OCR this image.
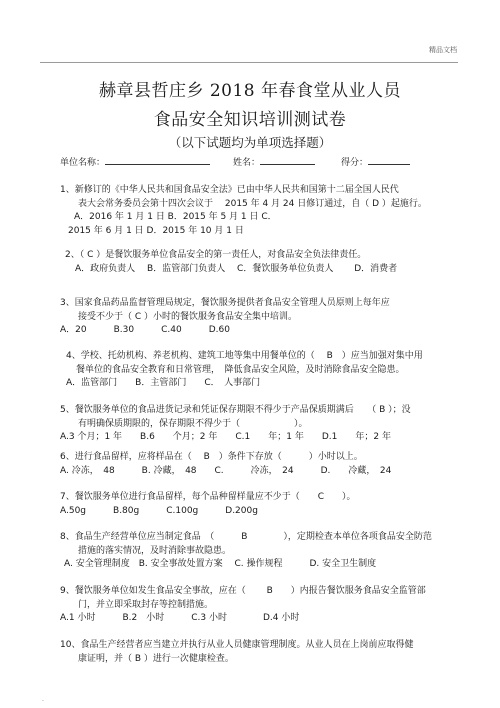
精品文档
赫章县哲庄乡 2018 年春食堂从业人员
食品安全知识培训测试卷
（以下试题均为单项选择题）
单位名称：	姓名：	得分：
1、新修订的《中华人民共和国食品安全法》已由中华人民共和国第十二届全国人民代
表大会常务委员会第十四次会议于　 2015 年 4 月 24 日修订通过，自（ D ）起施行。
A．2016 年 1 月 1 日 B．2015 年 5 月 1 日 C．
2015 年 6 月 1 日 D．2015 年 10 月 1 日
2、（ C ）是餐饮服务单位食品安全的第一责任人，对食品安全负法律责任。
A．政府负责人　 B．监管部门负责人　 C．餐饮服务单位负责人　　 D．消费者
3、国家食品药品监督管理局规定，餐饮服务提供者食品安全管理人员原则上每年应
接受不少于（ C ）小时的餐饮服务食品安全集中培训。
A．20　　　B.30　　　C.40　　　D.60
4、学校、托幼机构、养老机构、建筑工地等集中用餐单位的（　 B　）应当加强对集中用
餐单位的食品安全教育和日常管理，　降低食品安全风险，及时消除食品安全隐患。
A．监管部门　　B．主管部门　　C．　人事部门
5、餐饮服务单位的食品进货记录和凭证保存期限不得少于产品保质期满后　　（ B ）；没
有明确保质期限的，保存期限不得少于（　　　　　　）。
A.3 个月；1 年　　B.6　　个月；2 年　　C.1　　年；1 年　　D.1　　年；2 年
6、进行食品留样，应将样品在（　 B　）条件下存放（　　　）小时以上。
A. 冷冻，　48　　　B. 冷藏，　48　　C.　　　冷冻，　24　　　D.　　冷藏，　24
7、餐饮服务单位进行食品留样，每个品种留样量应不少于（　　C　　）。
A.50g　　　B.80g　　　C.100g　　　D.200g
8、食品生产经营单位应当制定食品　（　　　B　　　　），定期检查本单位各项食品安全防范
措施的落实情况，及时消除事故隐患。
A. 安全管理制度　B. 安全事故处置方案　 C. 操作规程　　　D. 安全卫生制度
9、餐饮服务单位如发生食品安全事故，应在（　　 B　　）内报告餐饮服务食品安全监管部
门，并立即采取封存等控制措施。
A.1 小时　　　B.2　小时　　　C.3 小时　　　　D.4 小时
10、食品生产经营者应当建立并执行从业人员健康管理制度。从业人员在上岗前应取得健
康证明，并（ B ）进行一次健康检查。
.
